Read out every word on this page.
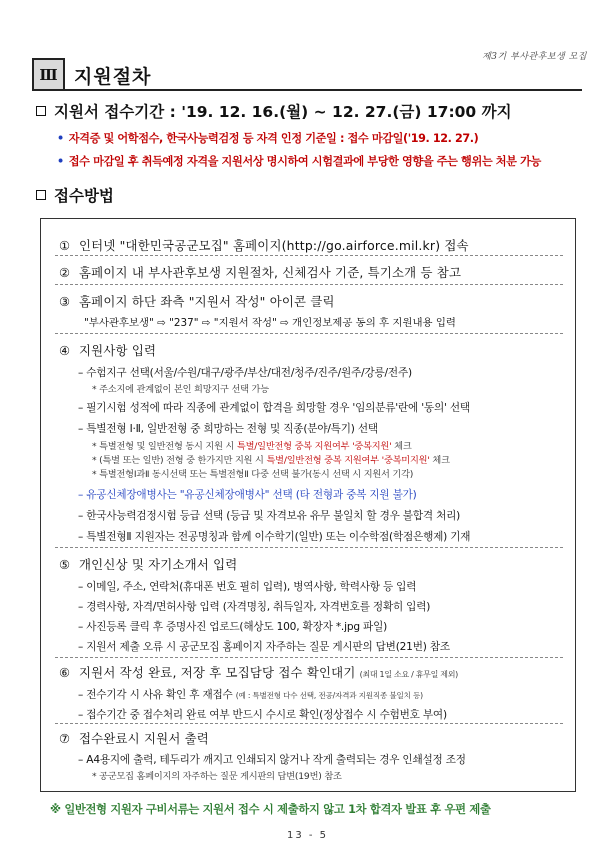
제3기 부사관후보생 모집
Ⅲ 지원절차
지원서 접수기간 : '19. 12. 16.(월) ~ 12. 27.(금) 17:00 까지
• 자격증 및 어학점수, 한국사능력검정 등 자격 인정 기준일 : 접수 마감일('19. 12. 27.)
• 접수 마감일 후 취득예정 자격을 지원서상 명시하여 시험결과에 부당한 영향을 주는 행위는 처분 가능
접수방법
① 인터넷 "대한민국공군모집" 홈페이지(http://go.airforce.mil.kr) 접속
② 홈페이지 내 부사관후보생 지원절차, 신체검사 기준, 특기소개 등 참고
③ 홈페이지 하단 좌측 "지원서 작성" 아이콘 클릭
"부사관후보생" ⇨ "237" ⇨ "지원서 작성" ⇨ 개인정보제공 동의 후 지원내용 입력
④ 지원사항 입력
– 수험지구 선택(서울/수원/대구/광주/부산/대전/청주/진주/원주/강릉/전주)
* 주소지에 관계없이 본인 희망지구 선택 가능
– 필기시험 성적에 따라 직종에 관계없이 합격을 희망할 경우 '임의분류'란에 '동의' 선택
– 특별전형 Ⅰ·Ⅱ, 일반전형 중 희망하는 전형 및 직종(분야/특기) 선택
* 특별전형 및 일반전형 동시 지원 시 특별/일반전형 중복 지원여부 '중복지원' 체크
* (특별 또는 일반) 전형 중 한가지만 지원 시 특별/일반전형 중복 지원여부 '중복미지원' 체크
* 특별전형Ⅰ과Ⅱ 동시선택 또는 특별전형Ⅱ 다중 선택 불가(동시 선택 시 지원서 기각)
– 유공신체장애병사는 "유공신체장애병사" 선택 (타 전형과 중복 지원 불가)
– 한국사능력검정시험 등급 선택 (등급 및 자격보유 유무 불일치 할 경우 불합격 처리)
– 특별전형Ⅱ 지원자는 전공명칭과 함께 이수학기(일반) 또는 이수학점(학점은행제) 기재
⑤ 개인신상 및 자기소개서 입력
– 이메일, 주소, 연락처(휴대폰 번호 필히 입력), 병역사항, 학력사항 등 입력
– 경력사항, 자격/면허사항 입력 (자격명칭, 취득일자, 자격번호를 정확히 입력)
– 사진등록 클릭 후 증명사진 업로드(해상도 100, 확장자 *.jpg 파일)
– 지원서 제출 오류 시 공군모집 홈페이지 자주하는 질문 게시판의 답변(21번) 참조
⑥ 지원서 작성 완료, 저장 후 모집담당 접수 확인대기 (최대 1일 소요 / 휴무일 제외)
– 전수기각 시 사유 확인 후 재접수 (예 : 특별전형 다수 선택, 전공/자격과 지원직종 불일치 등)
– 접수기간 중 접수처리 완료 여부 반드시 수시로 확인(정상접수 시 수험번호 부여)
⑦ 접수완료시 지원서 출력
– A4용지에 출력, 테두리가 깨지고 인쇄되지 않거나 작게 출력되는 경우 인쇄설정 조정
* 공군모집 홈페이지의 자주하는 질문 게시판의 답변(19번) 참조
※ 일반전형 지원자 구비서류는 지원서 접수 시 제출하지 않고 1차 합격자 발표 후 우편 제출
13 - 5
